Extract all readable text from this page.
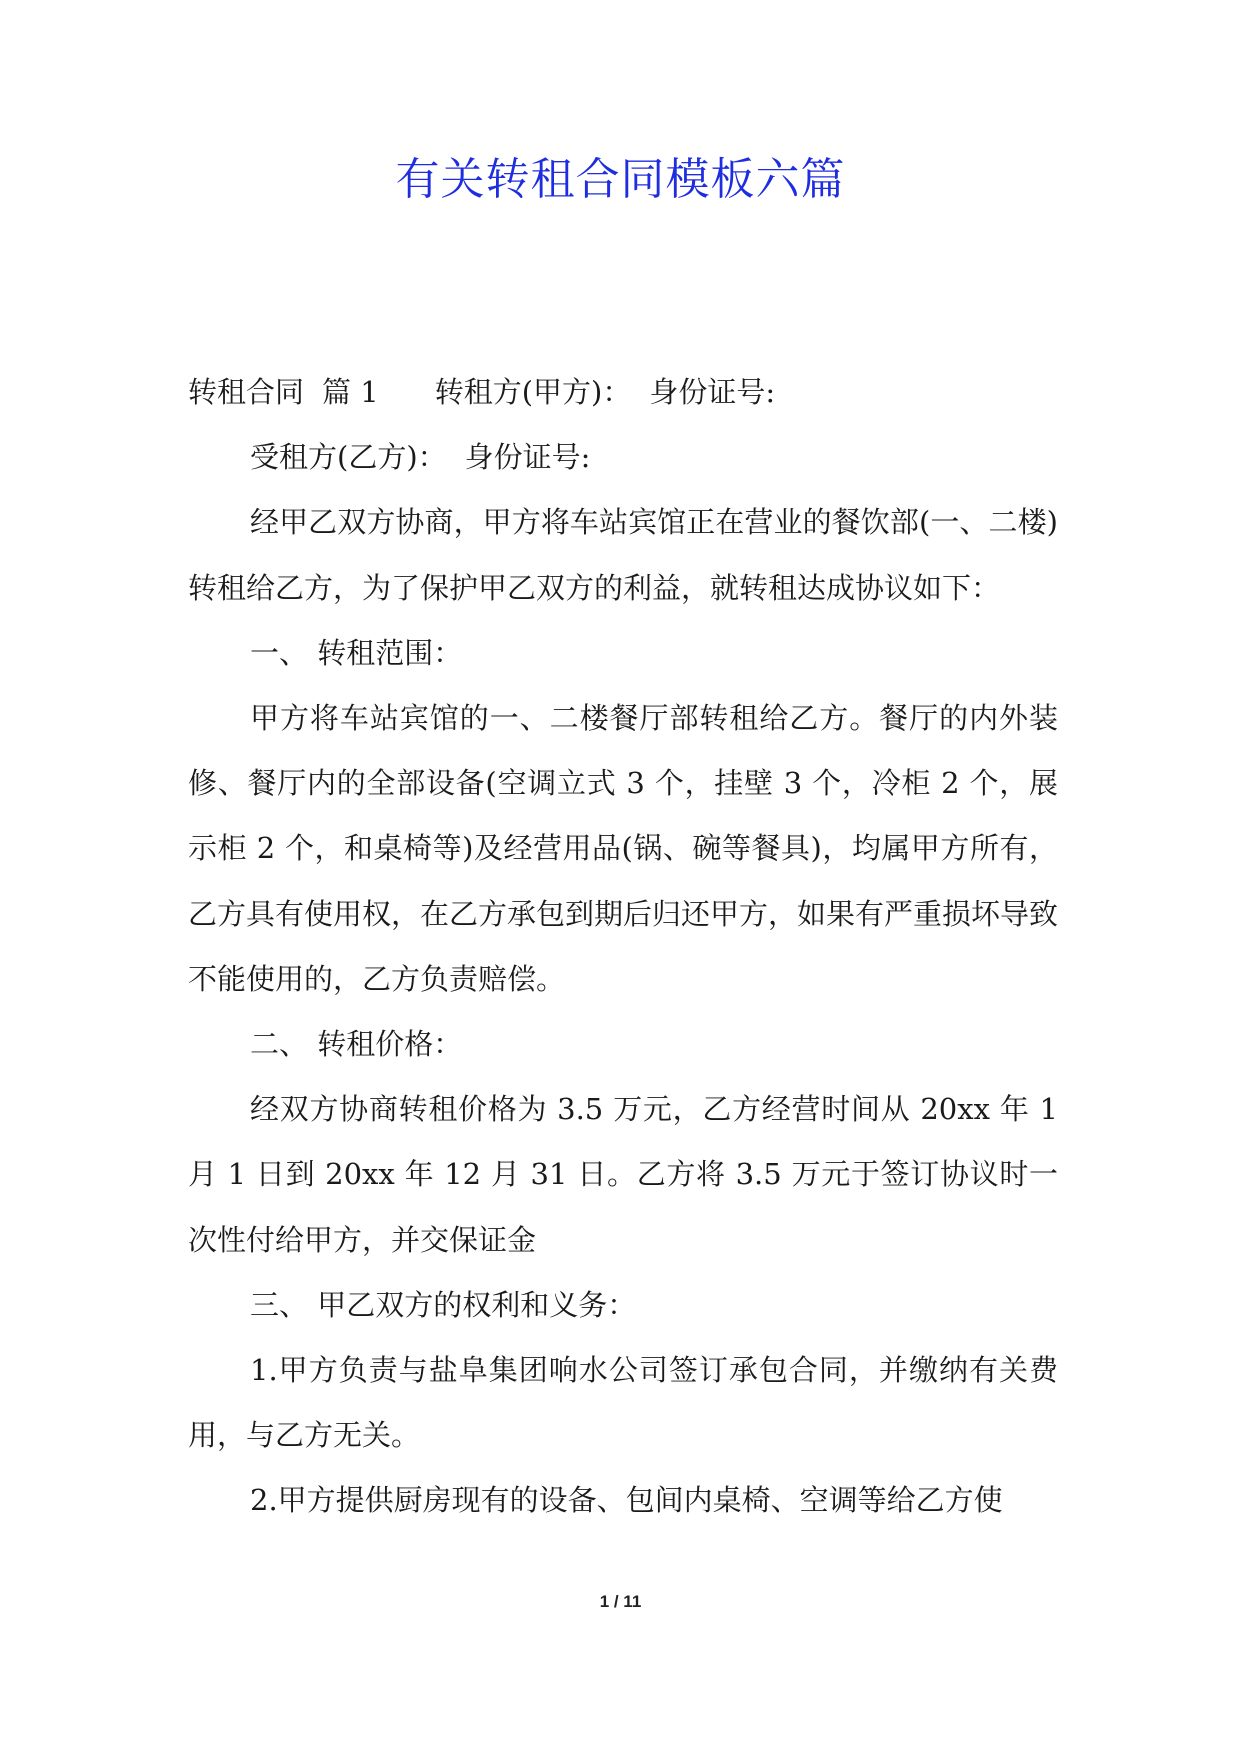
有关转租合同模板六篇

转租合同 篇 1 转租方(甲方)： 身份证号:

受租方(乙方)： 身份证号:

经甲乙双方协商，甲方将车站宾馆正在营业的餐饮部(一、二楼)转租给乙方，为了保护甲乙双方的利益，就转租达成协议如下：

一、 转租范围：

甲方将车站宾馆的一、二楼餐厅部转租给乙方。餐厅的内外装修、餐厅内的全部设备(空调立式 3 个，挂壁 3 个，冷柜 2 个，展示柜 2 个，和桌椅等)及经营用品(锅、碗等餐具)，均属甲方所有，乙方具有使用权，在乙方承包到期后归还甲方，如果有严重损坏导致不能使用的，乙方负责赔偿。

二、 转租价格：

经双方协商转租价格为 3.5 万元，乙方经营时间从 20xx 年 1 月 1 日到 20xx 年 12 月 31 日。乙方将 3.5 万元于签订协议时一次性付给甲方，并交保证金

三、 甲乙双方的权利和义务：

1.甲方负责与盐阜集团响水公司签订承包合同，并缴纳有关费用，与乙方无关。

2.甲方提供厨房现有的设备、包间内桌椅、空调等给乙方使

1 / 11
